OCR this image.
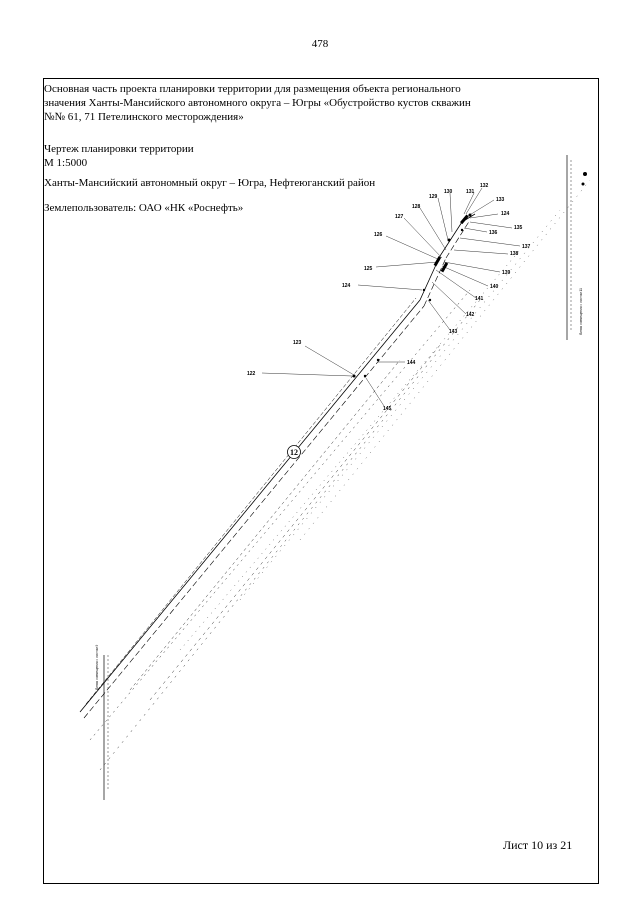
478
Основная часть проекта планировки территории для размещения объекта регионального
значения Ханты-Мансийского автономного округа – Югры «Обустройство кустов скважин
№№ 61, 71 Петелинского месторождения»
Чертеж планировки территории
М 1:5000
Ханты-Мансийский автономный округ – Югра, Нефтеюганский район
Землепользователь: ОАО «НК «Роснефть»
Линия совмещения с листом 9
Линия совмещения с листом 11
122
123
124
125
126
127
128
129
130	131
132
133
124
135
136
137
138
139
140
141
142
143
144
145
12
Лист 10 из 21
